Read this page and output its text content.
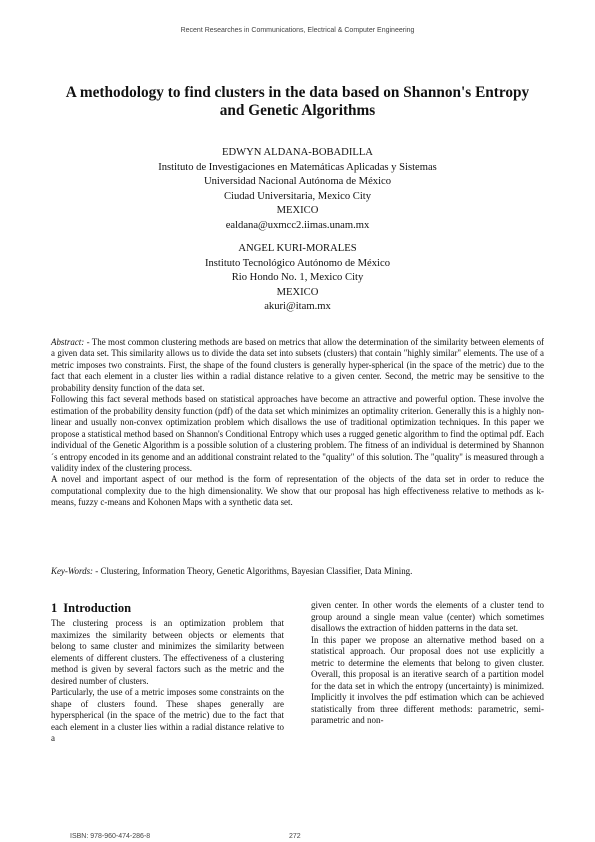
Recent Researches in Communications, Electrical & Computer Engineering
A methodology to find clusters in the data based on Shannon's Entropy
and Genetic Algorithms
EDWYN ALDANA-BOBADILLA
Instituto de Investigaciones en Matemáticas Aplicadas y Sistemas
Universidad Nacional Autónoma de México
Ciudad Universitaria, Mexico City
MEXICO
ealdana@uxmcc2.iimas.unam.mx
ANGEL KURI-MORALES
Instituto Tecnológico Autónomo de México
Rio Hondo No. 1, Mexico City
MEXICO
akuri@itam.mx

Abstract: - The most common clustering methods are based on metrics that allow the determination of the similarity between elements of a given data set. This similarity allows us to divide the data set into subsets (clusters) that contain "highly similar" elements. The use of a metric imposes two constraints. First, the shape of the found clusters is generally hyper-spherical (in the space of the metric) due to the fact that each element in a cluster lies within a radial distance relative to a given center. Second, the metric may be sensitive to the probability density function of the data set.

Following this fact several methods based on statistical approaches have become an attractive and powerful option. These involve the estimation of the probability density function (pdf) of the data set which minimizes an optimality criterion. Generally this is a highly non-linear and usually non-convex optimization problem which disallows the use of traditional optimization techniques. In this paper we propose a statistical method based on Shannon's Conditional Entropy which uses a rugged genetic algorithm to find the optimal pdf. Each individual of the Genetic Algorithm is a possible solution of a clustering problem. The fitness of an individual is determined by Shannon´s entropy encoded in its genome and an additional constraint related to the "quality" of this solution. The "quality" is measured through a validity index of the clustering process.

A novel and important aspect of our method is the form of representation of the objects of the data set in order to reduce the computational complexity due to the high dimensionality. We show that our proposal has high effectiveness relative to methods as k-means, fuzzy c-means and Kohonen Maps with a synthetic data set.

Key-Words: - Clustering, Information Theory, Genetic Algorithms, Bayesian Classifier, Data Mining.
1 Introduction

The clustering process is an optimization problem that maximizes the similarity between objects or elements that belong to same cluster and minimizes the similarity between elements of different clusters. The effectiveness of a clustering method is given by several factors such as the metric and the desired number of clusters.

Particularly, the use of a metric imposes some constraints on the shape of clusters found. These shapes generally are hyperspherical (in the space of the metric) due to the fact that each element in a cluster lies within a radial distance relative to a

given center. In other words the elements of a cluster tend to group around a single mean value (center) which sometimes disallows the extraction of hidden patterns in the data set.

In this paper we propose an alternative method based on a statistical approach. Our proposal does not use explicitly a metric to determine the elements that belong to given cluster. Overall, this proposal is an iterative search of a partition model for the data set in which the entropy (uncertainty) is minimized. Implicitly it involves the pdf estimation which can be achieved statistically from three different methods: parametric, semi-parametric and non-

ISBN: 978-960-474-286-8	272
